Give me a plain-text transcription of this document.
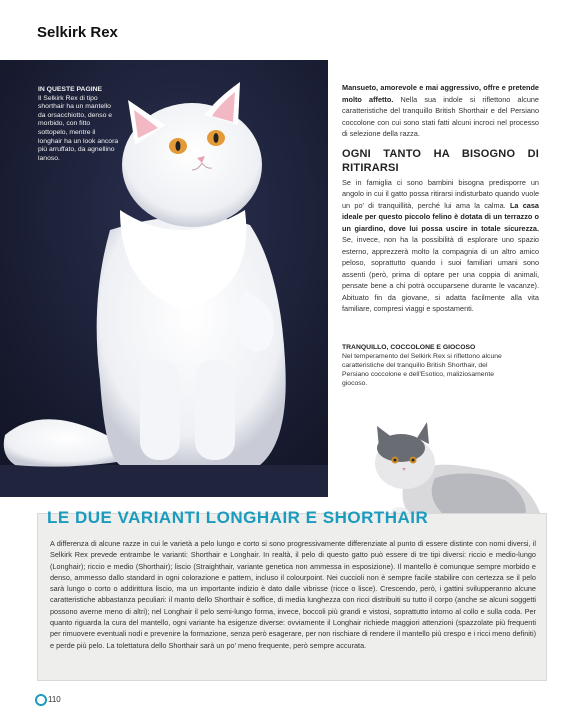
Selkirk Rex
IN QUESTE PAGINE
Il Selkirk Rex di tipo shorthair ha un mantello da orsacchiotto, denso e morbido, con fitto sottopelo, mentre il longhair ha un look ancora più arruffato, da agnellino lanoso.

Mansueto, amorevole e mai aggressivo, offre e pretende molto affetto. Nella sua indole si riflettono alcune caratteristiche del tranquillo British Shorthair e del Persiano coccolone con cui sono stati fatti alcuni incroci nel processo di selezione della razza.

OGNI TANTO HA BISOGNO DI RITIRARSI

Se in famiglia ci sono bambini bisogna predisporre un angolo in cui il gatto possa ritirarsi indisturbato quando vuole un po' di tranquillità, perché lui ama la calma. La casa ideale per questo piccolo felino è dotata di un terrazzo o un giardino, dove lui possa uscire in totale sicurezza. Se, invece, non ha la possibilità di esplorare uno spazio esterno, apprezzerà molto la compagnia di un altro amico peloso, soprattutto quando i suoi familiari umani sono assenti (però, prima di optare per una coppia di animali, pensate bene a chi potrà occuparsene durante le vacanze). Abituato fin da giovane, si adatta facilmente alla vita familiare, compresi viaggi e spostamenti.

TRANQUILLO, COCCOLONE E GIOCOSO
Nel temperamento del Selkirk Rex si riflettono alcune caratteristiche del tranquillo British Shorthair, del Persiano coccolone e dell'Esotico, maliziosamente giocoso.
LE DUE VARIANTI LONGHAIR E SHORTHAIR

A differenza di alcune razze in cui le varietà a pelo lungo e corto si sono progressivamente differenziate al punto di essere distinte con nomi diversi, il Selkirk Rex prevede entrambe le varianti: Shorthair e Longhair. In realtà, il pelo di questo gatto può essere di tre tipi diversi: riccio e medio-lungo (Longhair); riccio e medio (Shorthair); liscio (Straighthair, variante genetica non ammessa in esposizione). Il mantello è comunque sempre morbido e denso, ammesso dallo standard in ogni colorazione e pattern, incluso il colourpoint. Nei cuccioli non è sempre facile stabilire con certezza se il pelo sarà lungo o corto o addirittura liscio, ma un importante indizio è dato dalle vibrisse (ricce o lisce). Crescendo, però, i gattini svilupperanno alcune caratteristiche abbastanza peculiari: il manto dello Shorthair è soffice, di media lunghezza con ricci distribuiti su tutto il corpo (anche se alcuni soggetti possono averne meno di altri); nel Longhair il pelo semi-lungo forma, invece, boccoli più grandi e vistosi, soprattutto intorno al collo e sulla coda. Per quanto riguarda la cura del mantello, ogni variante ha esigenze diverse: ovviamente il Longhair richiede maggiori attenzioni (spazzolate più frequenti per rimuovere eventuali nodi e prevenire la formazione, senza però esagerare, per non rischiare di rendere il mantello più crespo e i ricci meno definiti) e perde più pelo. La tolettatura dello Shorthair sarà un po' meno frequente, però sempre accurata.

110
